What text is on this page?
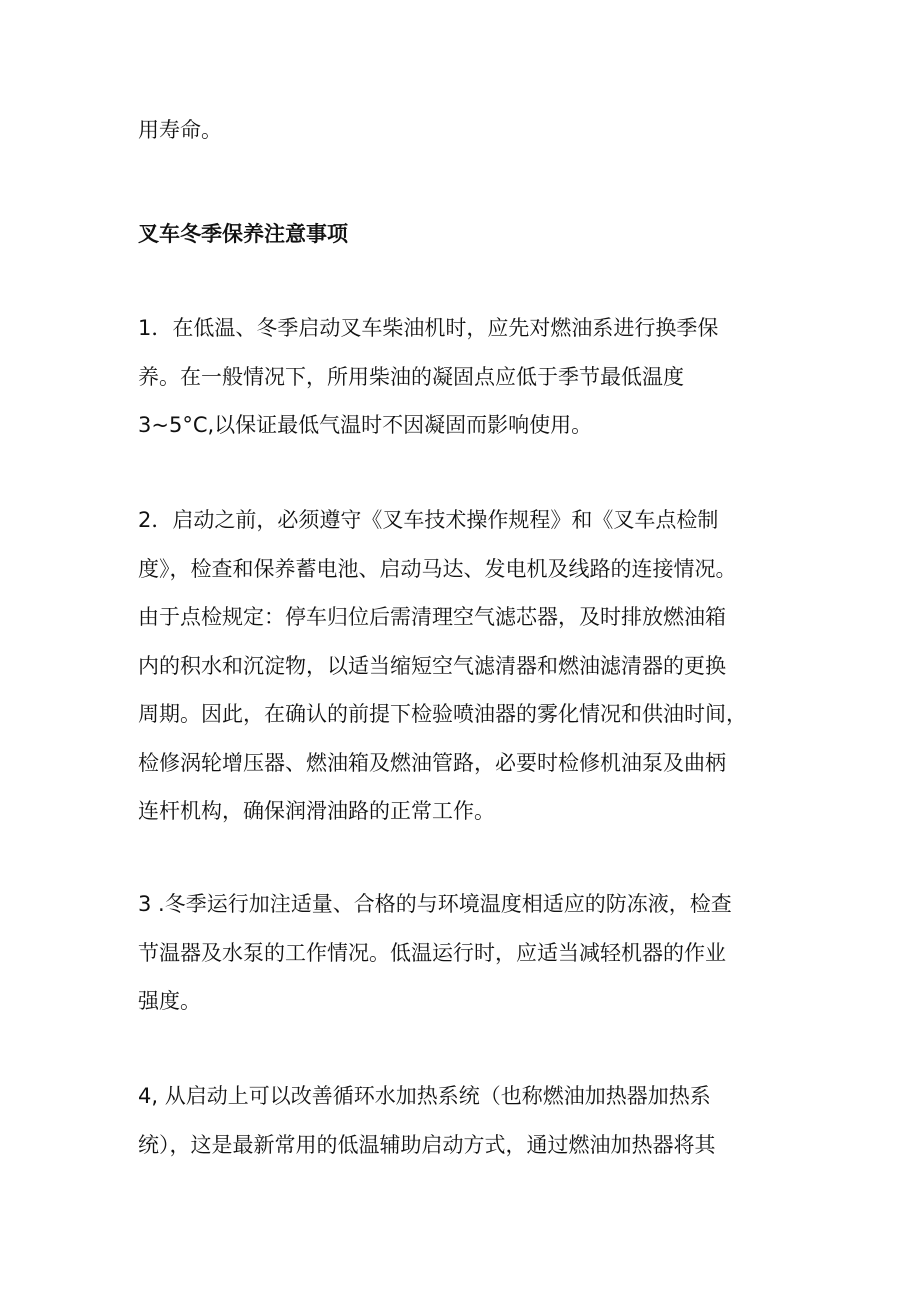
用寿命。

叉车冬季保养注意事项

1．在低温、冬季启动叉车柴油机时，应先对燃油系进行换季保
养。在一般情况下，所用柴油的凝固点应低于季节最低温度
3~5°C,以保证最低气温时不因凝固而影响使用。

2．启动之前，必须遵守《叉车技术操作规程》和《叉车点检制
度》，检查和保养蓄电池、启动马达、发电机及线路的连接情况。
由于点检规定：停车归位后需清理空气滤芯器，及时排放燃油箱
内的积水和沉淀物，以适当缩短空气滤清器和燃油滤清器的更换
周期。因此，在确认的前提下检验喷油器的雾化情况和供油时间，
检修涡轮增压器、燃油箱及燃油管路，必要时检修机油泵及曲柄
连杆机构，确保润滑油路的正常工作。

3 .冬季运行加注适量、合格的与环境温度相适应的防冻液，检查
节温器及水泵的工作情况。低温运行时，应适当减轻机器的作业
强度。

4, 从启动上可以改善循环水加热系统（也称燃油加热器加热系
统），这是最新常用的低温辅助启动方式，通过燃油加热器将其
